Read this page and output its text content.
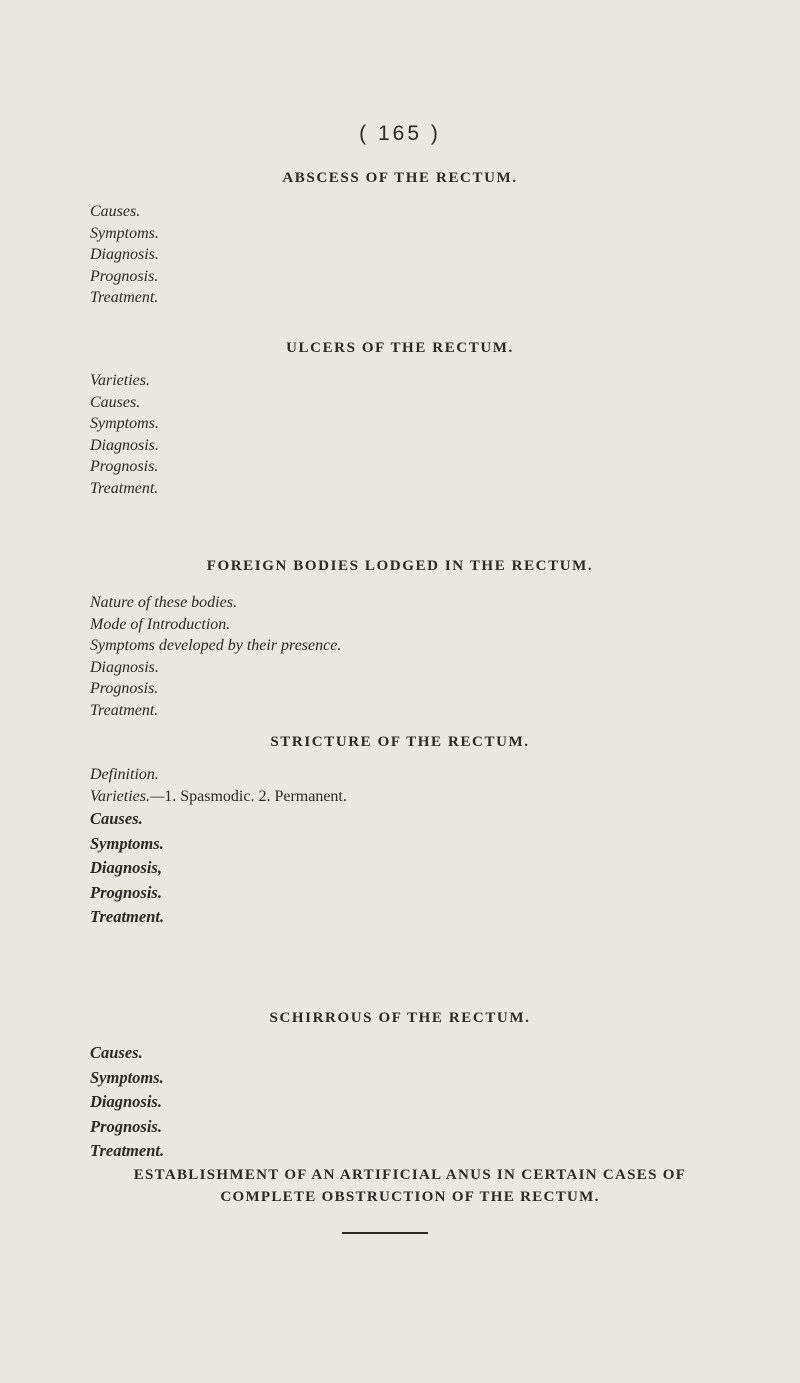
( 165 )
ABSCESS OF THE RECTUM.
Causes.
Symptoms.
Diagnosis.
Prognosis.
Treatment.
ULCERS OF THE RECTUM.
Varieties.
Causes.
Symptoms.
Diagnosis.
Prognosis.
Treatment.
FOREIGN BODIES LODGED IN THE RECTUM.
Nature of these bodies.
Mode of Introduction.
Symptoms developed by their presence.
Diagnosis.
Prognosis.
Treatment.
STRICTURE OF THE RECTUM.
Definition.
Varieties.—1. Spasmodic. 2. Permanent.
Causes.
Symptoms.
Diagnosis,
Prognosis.
Treatment.
SCHIRROUS OF THE RECTUM.
Causes.
Symptoms.
Diagnosis.
Prognosis.
Treatment.
ESTABLISHMENT OF AN ARTIFICIAL ANUS IN CERTAIN CASES OF
COMPLETE OBSTRUCTION OF THE RECTUM.
